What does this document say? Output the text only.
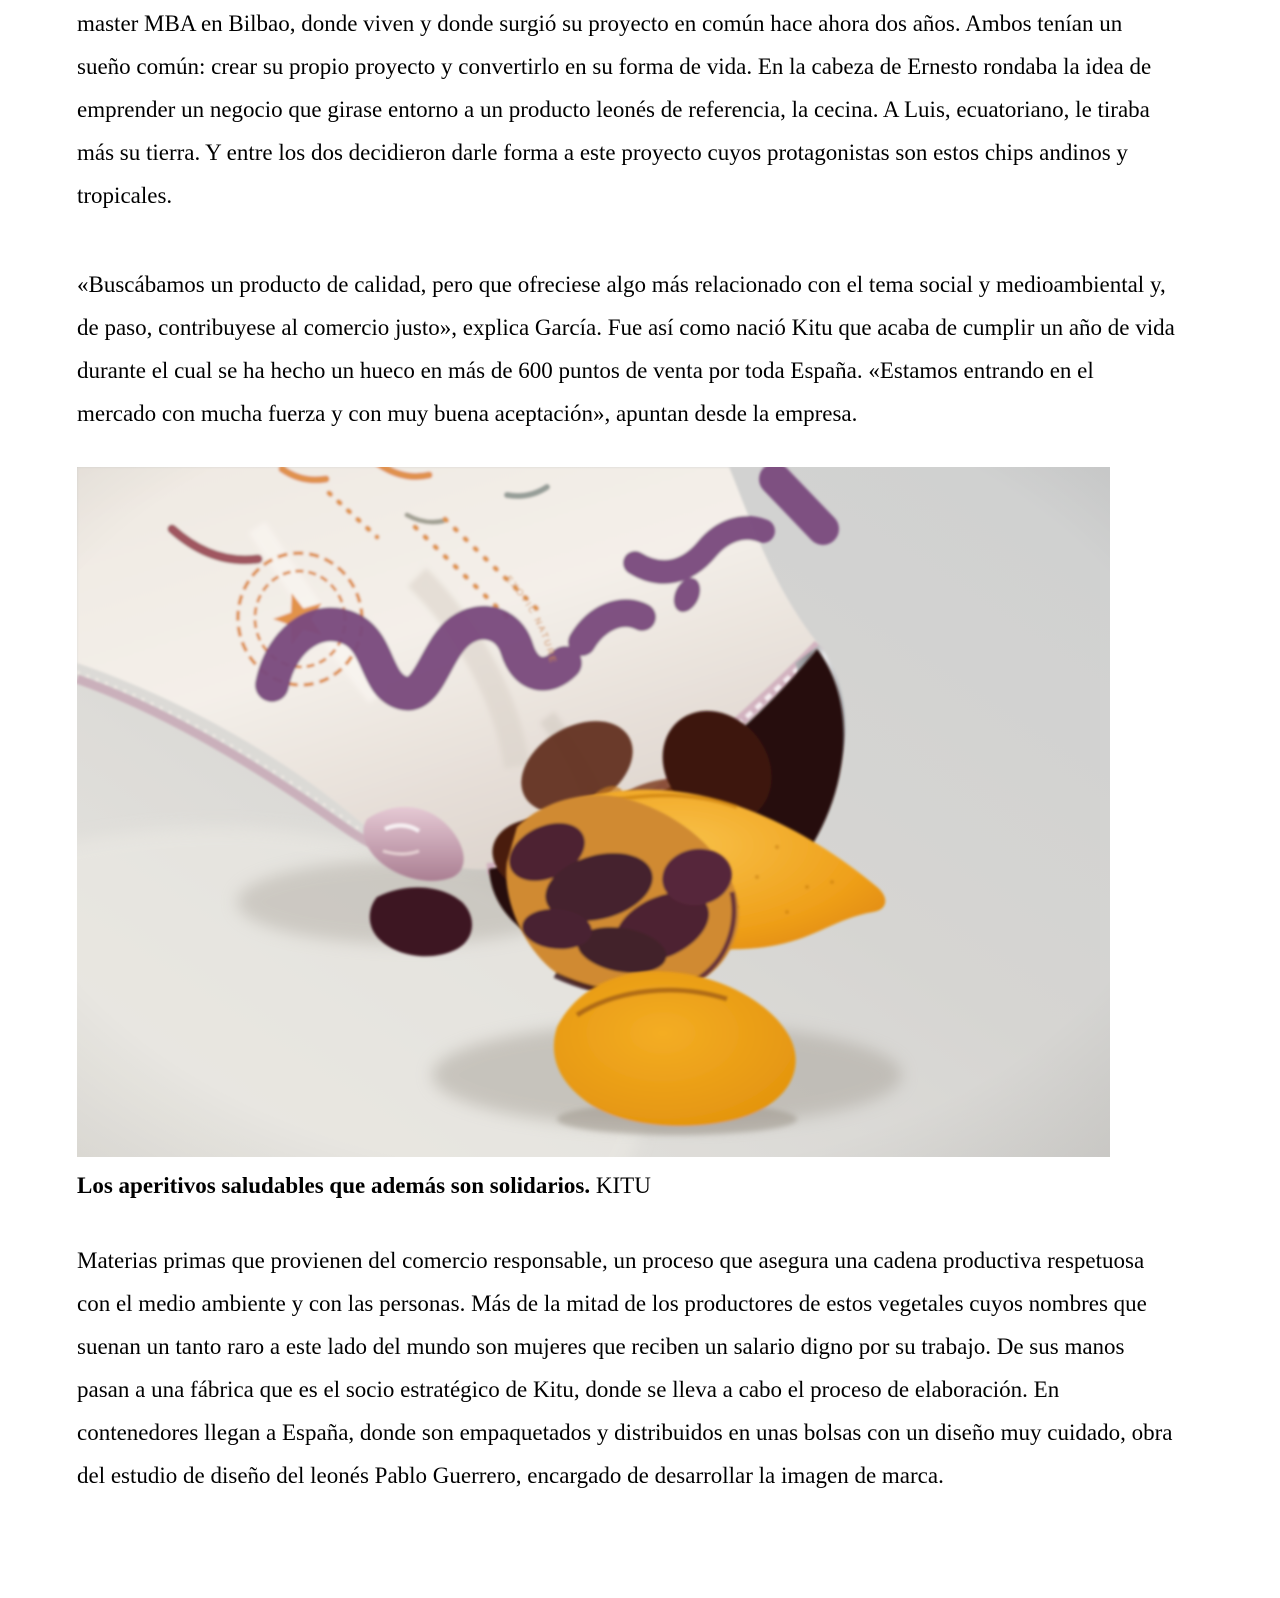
master MBA en Bilbao, donde viven y donde surgió su proyecto en común hace ahora dos años. Ambos tenían un sueño común: crear su propio proyecto y convertirlo en su forma de vida. En la cabeza de Ernesto rondaba la idea de emprender un negocio que girase entorno a un producto leonés de referencia, la cecina. A Luis, ecuatoriano, le tiraba más su tierra. Y entre los dos decidieron darle forma a este proyecto cuyos protagonistas son estos chips andinos y tropicales.

«Buscábamos un producto de calidad, pero que ofreciese algo más relacionado con el tema social y medioambiental y, de paso, contribuyese al comercio justo», explica García. Fue así como nació Kitu que acaba de cumplir un año de vida durante el cual se ha hecho un hueco en más de 600 puntos de venta por toda España. «Estamos entrando en el mercado con mucha fuerza y con muy buena aceptación», apuntan desde la empresa.

Los aperitivos saludables que además son solidarios. KITU

Materias primas que provienen del comercio responsable, un proceso que asegura una cadena productiva respetuosa con el medio ambiente y con las personas. Más de la mitad de los productores de estos vegetales cuyos nombres que suenan un tanto raro a este lado del mundo son mujeres que reciben un salario digno por su trabajo. De sus manos pasan a una fábrica que es el socio estratégico de Kitu, donde se lleva a cabo el proceso de elaboración. En contenedores llegan a España, donde son empaquetados y distribuidos en unas bolsas con un diseño muy cuidado, obra del estudio de diseño del leonés Pablo Guerrero, encargado de desarrollar la imagen de marca.
